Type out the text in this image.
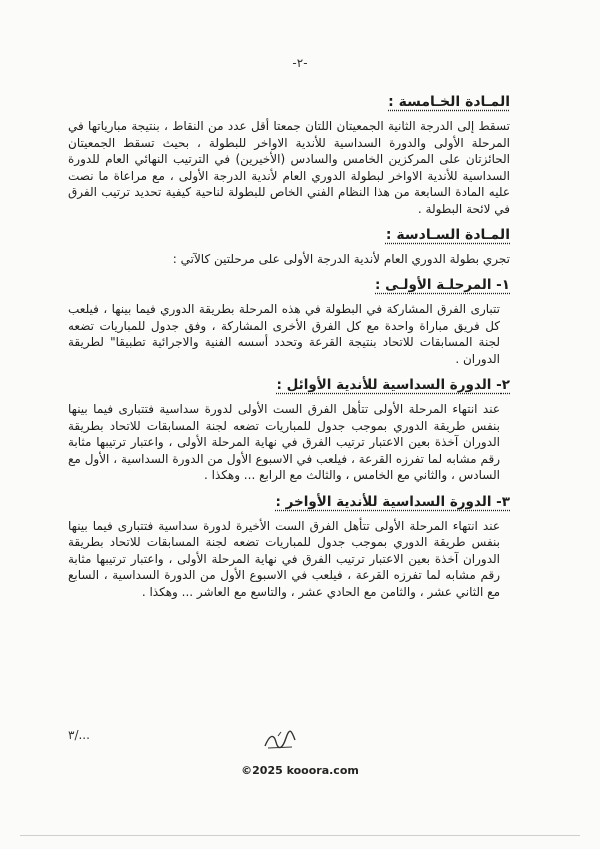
-٢-
المـادة الخـامسة :

تسقط إلى الدرجة الثانية الجمعيتان اللتان جمعتا أقل عدد من النقاط ، بنتيجة مبارياتها في المرحلة الأولى والدورة السداسية للأندية الاواخر للبطولة ، بحيث تسقط الجمعيتان الحائزتان على المركزين الخامس والسادس (الأخيرين) في الترتيب النهائي العام للدورة السداسية للأندية الاواخر لبطولة الدوري العام لأندية الدرجة الأولى ، مع مراعاة ما نصت عليه المادة السابعة من هذا النظام الفني الخاص للبطولة لناحية كيفية تحديد ترتيب الفرق في لائحة البطولة .

المـادة السـادسة :

تجري بطولة الدوري العام لأندية الدرجة الأولى على مرحلتين كالآتي :

١- المرحلـة الأولـى :

تتبارى الفرق المشاركة في البطولة في هذه المرحلة بطريقة الدوري فيما بينها ، فيلعب كل فريق مباراة واحدة مع كل الفرق الأخرى المشاركة ، وفق جدول للمباريات تضعه لجنة المسابقات للاتحاد بنتيجة القرعة وتحدد أسسه الفنية والاجرائية تطبيقا" لطريقة الدوران .

٢- الدورة السداسية للأندية الأوائل :

عند انتهاء المرحلة الأولى تتأهل الفرق الست الأولى لدورة سداسية فتتبارى فيما بينها بنفس طريقة الدوري بموجب جدول للمباريات تضعه لجنة المسابقات للاتحاد بطريقة الدوران آخذة بعين الاعتبار ترتيب الفرق في نهاية المرحلة الأولى ، واعتبار ترتيبها مثابة رقم مشابه لما تفرزه القرعة ، فيلعب في الاسبوع الأول من الدورة السداسية ، الأول مع السادس ، والثاني مع الخامس ، والثالث مع الرابع ... وهكذا .

٣- الدورة السداسية للأندية الأواخر :

عند انتهاء المرحلة الأولى تتأهل الفرق الست الأخيرة لدورة سداسية فتتبارى فيما بينها بنفس طريقة الدوري بموجب جدول للمباريات تضعه لجنة المسابقات للاتحاد بطريقة الدوران آخذة بعين الاعتبار ترتيب الفرق في نهاية المرحلة الأولى ، واعتبار ترتيبها مثابة رقم مشابه لما تفرزه القرعة ، فيلعب في الاسبوع الأول من الدورة السداسية ، السابع مع الثاني عشر ، والثامن مع الحادي عشر ، والتاسع مع العاشر ... وهكذا .

٣/...
©2025 kooora.com
